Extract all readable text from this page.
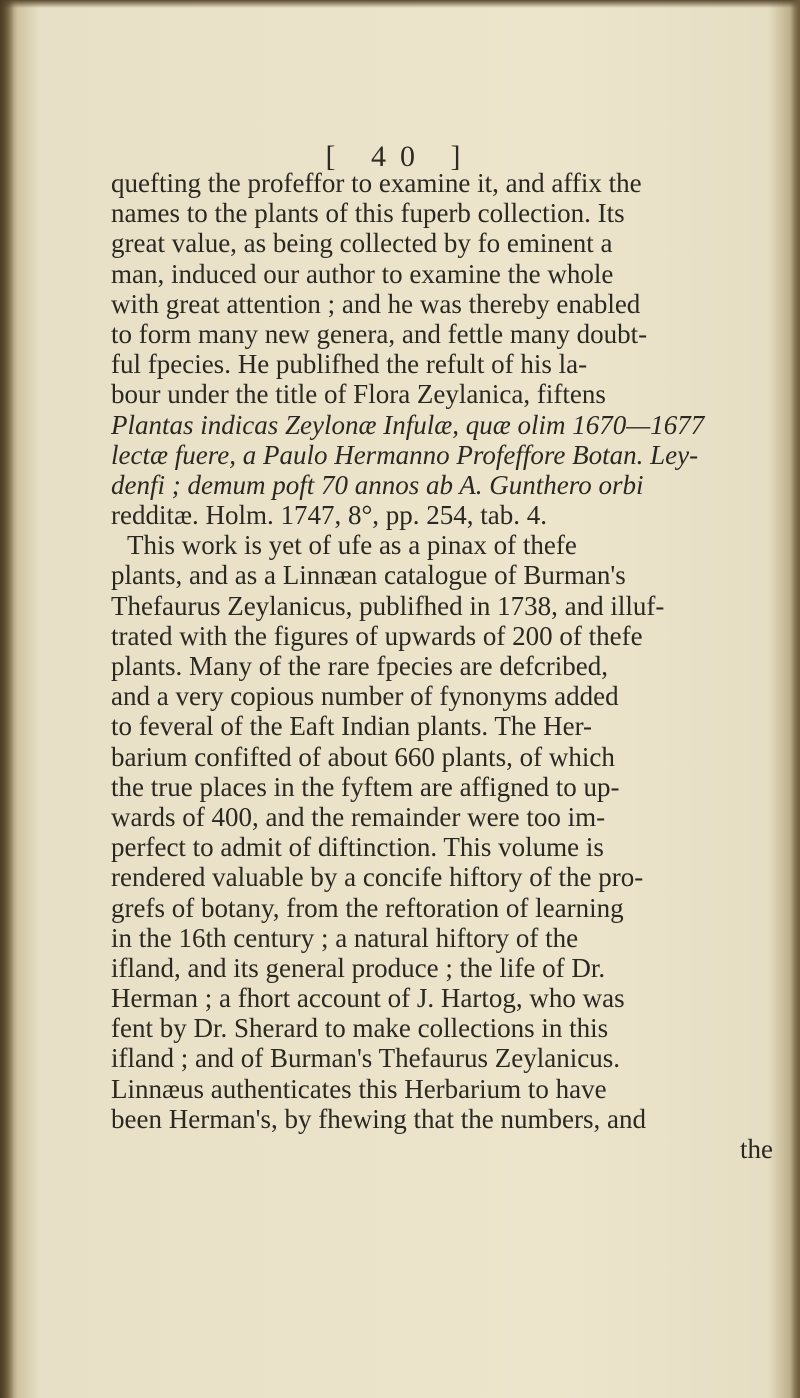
[ 40 ]
quefting the profeffor to examine it, and affix the
names to the plants of this fuperb collection. Its
great value, as being collected by fo eminent a
man, induced our author to examine the whole
with great attention ; and he was thereby enabled
to form many new genera, and fettle many doubt-
ful fpecies. He publifhed the refult of his la-
bour under the title of Flora Zeylanica, fiftens
Plantas indicas Zeylonæ Infulæ, quæ olim 1670—1677
lectæ fuere, a Paulo Hermanno Profeffore Botan. Ley-
denfi ; demum poft 70 annos ab A. Gunthero orbi
redditæ. Holm. 1747, 8°, pp. 254, tab. 4.
This work is yet of ufe as a pinax of thefe
plants, and as a Linnæan catalogue of Burman's
Thefaurus Zeylanicus, publifhed in 1738, and illuf-
trated with the figures of upwards of 200 of thefe
plants. Many of the rare fpecies are defcribed,
and a very copious number of fynonyms added
to feveral of the Eaft Indian plants. The Her-
barium confifted of about 660 plants, of which
the true places in the fyftem are affigned to up-
wards of 400, and the remainder were too im-
perfect to admit of diftinction. This volume is
rendered valuable by a concife hiftory of the pro-
grefs of botany, from the reftoration of learning
in the 16th century ; a natural hiftory of the
ifland, and its general produce ; the life of Dr.
Herman ; a fhort account of J. Hartog, who was
fent by Dr. Sherard to make collections in this
ifland ; and of Burman's Thefaurus Zeylanicus.
Linnæus authenticates this Herbarium to have
been Herman's, by fhewing that the numbers, and
the
